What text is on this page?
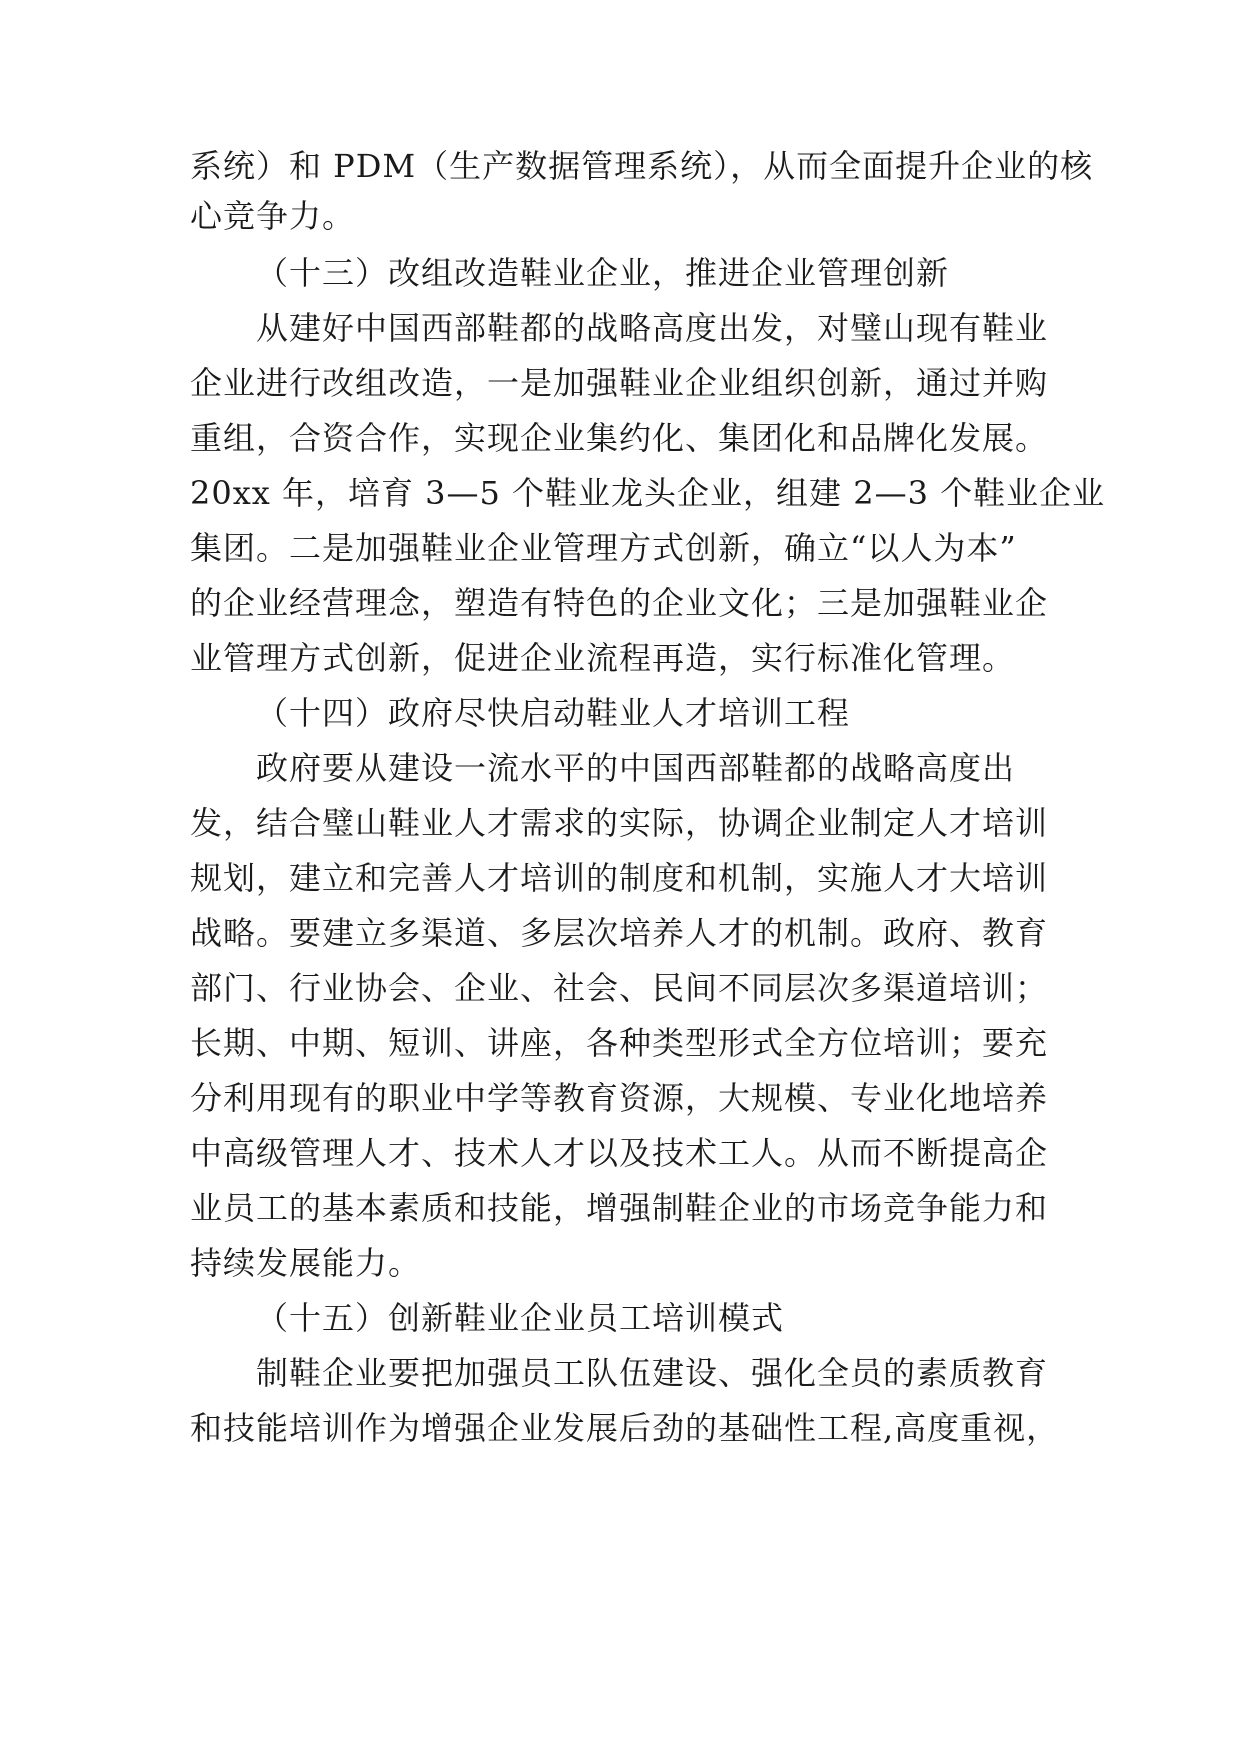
系统）和 PDM（生产数据管理系统），从而全面提升企业的核
心竞争力。
（十三）改组改造鞋业企业，推进企业管理创新
从建好中国西部鞋都的战略高度出发，对璧山现有鞋业
企业进行改组改造，一是加强鞋业企业组织创新，通过并购
重组，合资合作，实现企业集约化、集团化和品牌化发展。
20xx 年，培育 3—5 个鞋业龙头企业，组建 2—3 个鞋业企业
集团。二是加强鞋业企业管理方式创新，确立“以人为本”
的企业经营理念，塑造有特色的企业文化；三是加强鞋业企
业管理方式创新，促进企业流程再造，实行标准化管理。
（十四）政府尽快启动鞋业人才培训工程
政府要从建设一流水平的中国西部鞋都的战略高度出
发，结合璧山鞋业人才需求的实际，协调企业制定人才培训
规划，建立和完善人才培训的制度和机制，实施人才大培训
战略。要建立多渠道、多层次培养人才的机制。政府、教育
部门、行业协会、企业、社会、民间不同层次多渠道培训；
长期、中期、短训、讲座，各种类型形式全方位培训；要充
分利用现有的职业中学等教育资源，大规模、专业化地培养
中高级管理人才、技术人才以及技术工人。从而不断提高企
业员工的基本素质和技能，增强制鞋企业的市场竞争能力和
持续发展能力。
（十五）创新鞋业企业员工培训模式
制鞋企业要把加强员工队伍建设、强化全员的素质教育
和技能培训作为增强企业发展后劲的基础性工程,高度重视，
